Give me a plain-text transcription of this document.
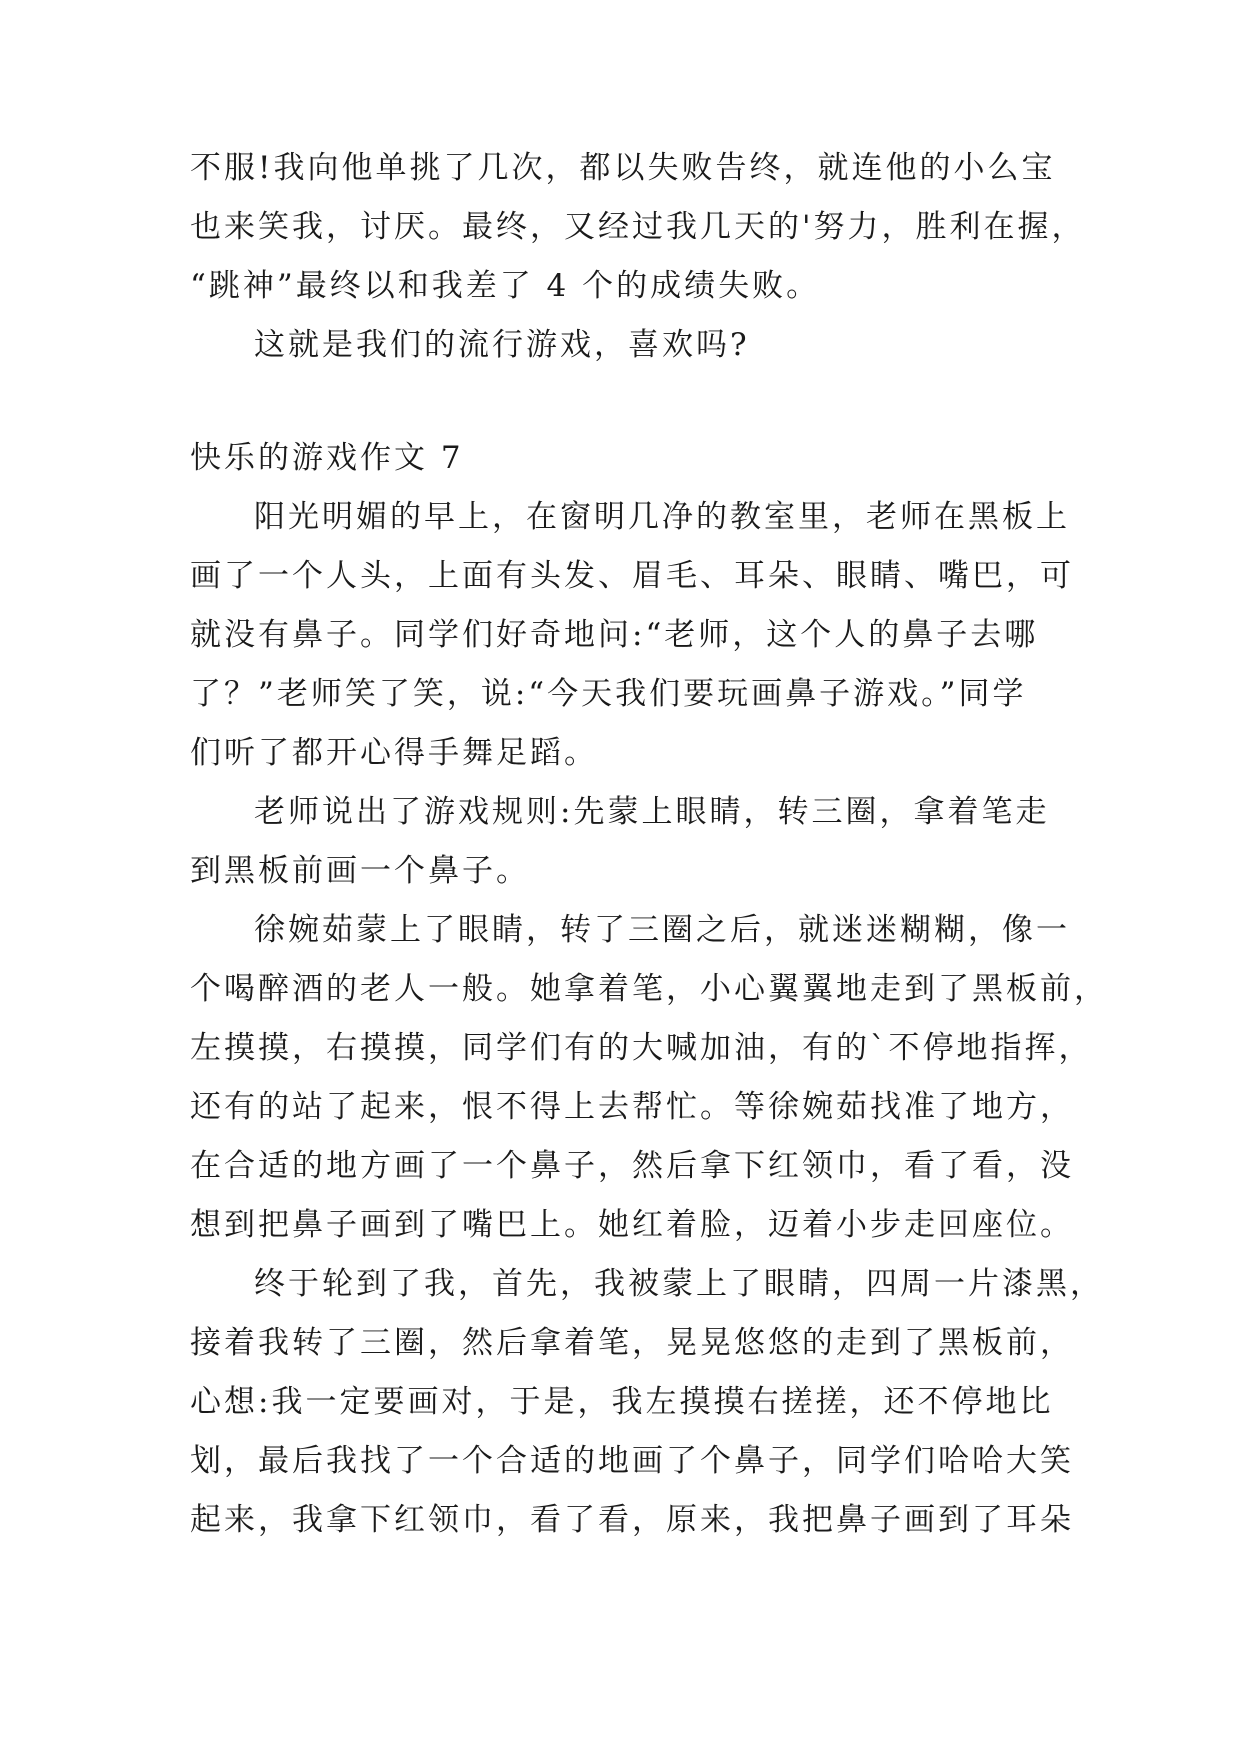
不服!我向他单挑了几次，都以失败告终，就连他的小么宝
也来笑我，讨厌。最终，又经过我几天的'努力，胜利在握，
“跳神”最终以和我差了 4 个的成绩失败。
这就是我们的流行游戏，喜欢吗?
快乐的游戏作文 7
阳光明媚的早上，在窗明几净的教室里，老师在黑板上
画了一个人头，上面有头发、眉毛、耳朵、眼睛、嘴巴，可
就没有鼻子。同学们好奇地问:“老师，这个人的鼻子去哪
了？”老师笑了笑，说:“今天我们要玩画鼻子游戏。”同学
们听了都开心得手舞足蹈。
老师说出了游戏规则:先蒙上眼睛，转三圈，拿着笔走
到黑板前画一个鼻子。
徐婉茹蒙上了眼睛，转了三圈之后，就迷迷糊糊，像一
个喝醉酒的老人一般。她拿着笔，小心翼翼地走到了黑板前，
左摸摸，右摸摸，同学们有的大喊加油，有的`不停地指挥，
还有的站了起来，恨不得上去帮忙。等徐婉茹找准了地方，
在合适的地方画了一个鼻子，然后拿下红领巾，看了看，没
想到把鼻子画到了嘴巴上。她红着脸，迈着小步走回座位。
终于轮到了我，首先，我被蒙上了眼睛，四周一片漆黑，
接着我转了三圈，然后拿着笔，晃晃悠悠的走到了黑板前，
心想:我一定要画对，于是，我左摸摸右搓搓，还不停地比
划，最后我找了一个合适的地画了个鼻子，同学们哈哈大笑
起来，我拿下红领巾，看了看，原来，我把鼻子画到了耳朵
